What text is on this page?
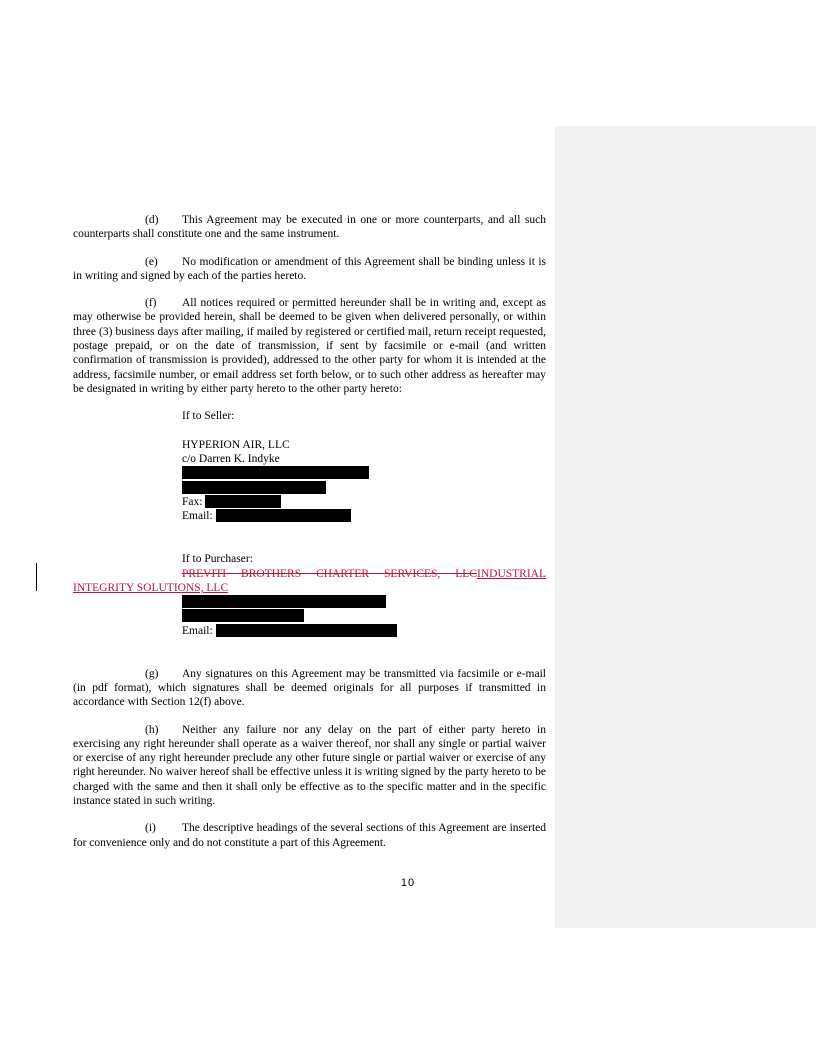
(d) This Agreement may be executed in one or more counterparts, and all such counterparts shall constitute one and the same instrument.

(e) No modification or amendment of this Agreement shall be binding unless it is in writing and signed by each of the parties hereto.

(f) All notices required or permitted hereunder shall be in writing and, except as may otherwise be provided herein, shall be deemed to be given when delivered personally, or within three (3) business days after mailing, if mailed by registered or certified mail, return receipt requested, postage prepaid, or on the date of transmission, if sent by facsimile or e-mail (and written confirmation of transmission is provided), addressed to the other party for whom it is intended at the address, facsimile number, or email address set forth below, or to such other address as hereafter may be designated in writing by either party hereto to the other party hereto:

If to Seller:
HYPERION AIR, LLC
c/o Darren K. Indyke
Fax:
Email:
If to Purchaser:
PREVITI BROTHERS CHARTER SERVICES, LLCINDUSTRIAL
INTEGRITY SOLUTIONS, LLC
Email:

(g) Any signatures on this Agreement may be transmitted via facsimile or e-mail (in pdf format), which signatures shall be deemed originals for all purposes if transmitted in accordance with Section 12(f) above.

(h) Neither any failure nor any delay on the part of either party hereto in exercising any right hereunder shall operate as a waiver thereof, nor shall any single or partial waiver or exercise of any right hereunder preclude any other future single or partial waiver or exercise of any right hereunder. No waiver hereof shall be effective unless it is writing signed by the party hereto to be charged with the same and then it shall only be effective as to the specific matter and in the specific instance stated in such writing.

(i) The descriptive headings of the several sections of this Agreement are inserted for convenience only and do not constitute a part of this Agreement.

10
